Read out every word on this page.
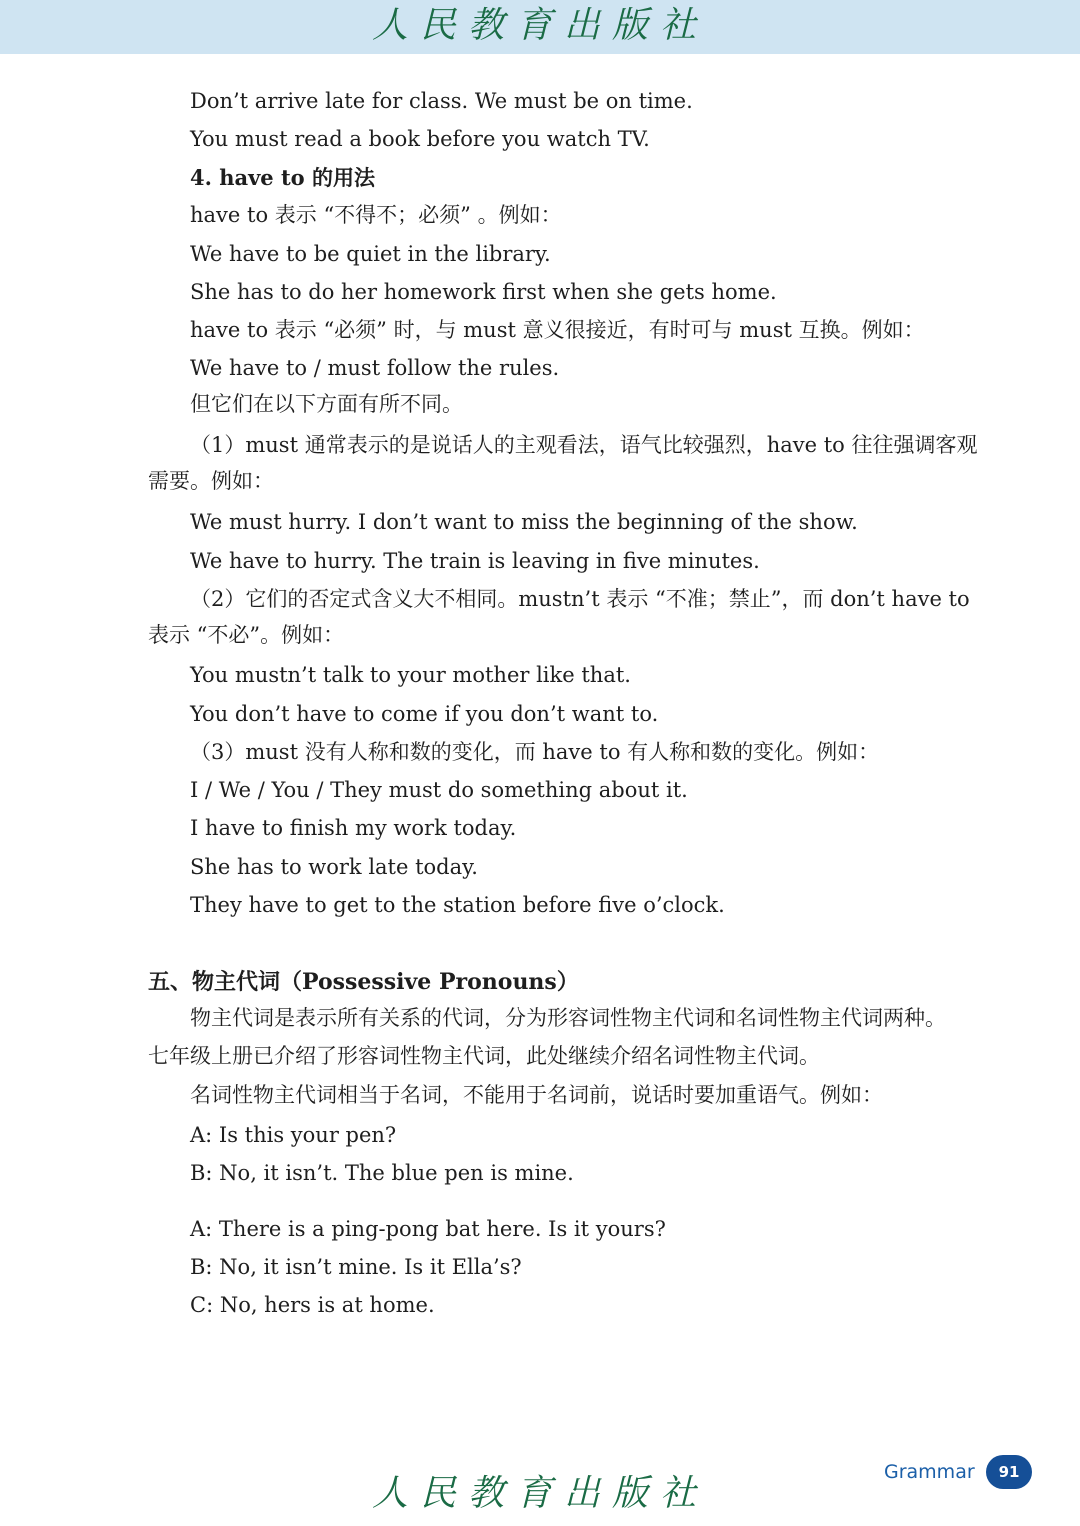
人民教育出版社
Don’t arrive late for class. We must be on time.
You must read a book before you watch TV.
4. have to 的用法
have to 表示 “不得不；必须” 。例如：
We have to be quiet in the library.
She has to do her homework first when she gets home.
have to 表示 “必须” 时，与 must 意义很接近，有时可与 must 互换。例如：
We have to / must follow the rules.
但它们在以下方面有所不同。
（1）must 通常表示的是说话人的主观看法，语气比较强烈，have to 往往强调客观
需要。例如：
We must hurry. I don’t want to miss the beginning of the show.
We have to hurry. The train is leaving in five minutes.
（2）它们的否定式含义大不相同。mustn’t 表示 “不准；禁止”，而 don’t have to
表示 “不必”。例如：
You mustn’t talk to your mother like that.
You don’t have to come if you don’t want to.
（3）must 没有人称和数的变化，而 have to 有人称和数的变化。例如：
I / We / You / They must do something about it.
I have to finish my work today.
She has to work late today.
They have to get to the station before five o’clock.
五、物主代词（Possessive Pronouns）
物主代词是表示所有关系的代词，分为形容词性物主代词和名词性物主代词两种。
七年级上册已介绍了形容词性物主代词，此处继续介绍名词性物主代词。
名词性物主代词相当于名词，不能用于名词前，说话时要加重语气。例如：
A: Is this your pen?
B: No, it isn’t. The blue pen is mine.
A: There is a ping-pong bat here. Is it yours?
B: No, it isn’t mine. Is it Ella’s?
C: No, hers is at home.
Grammar	91
人民教育出版社
